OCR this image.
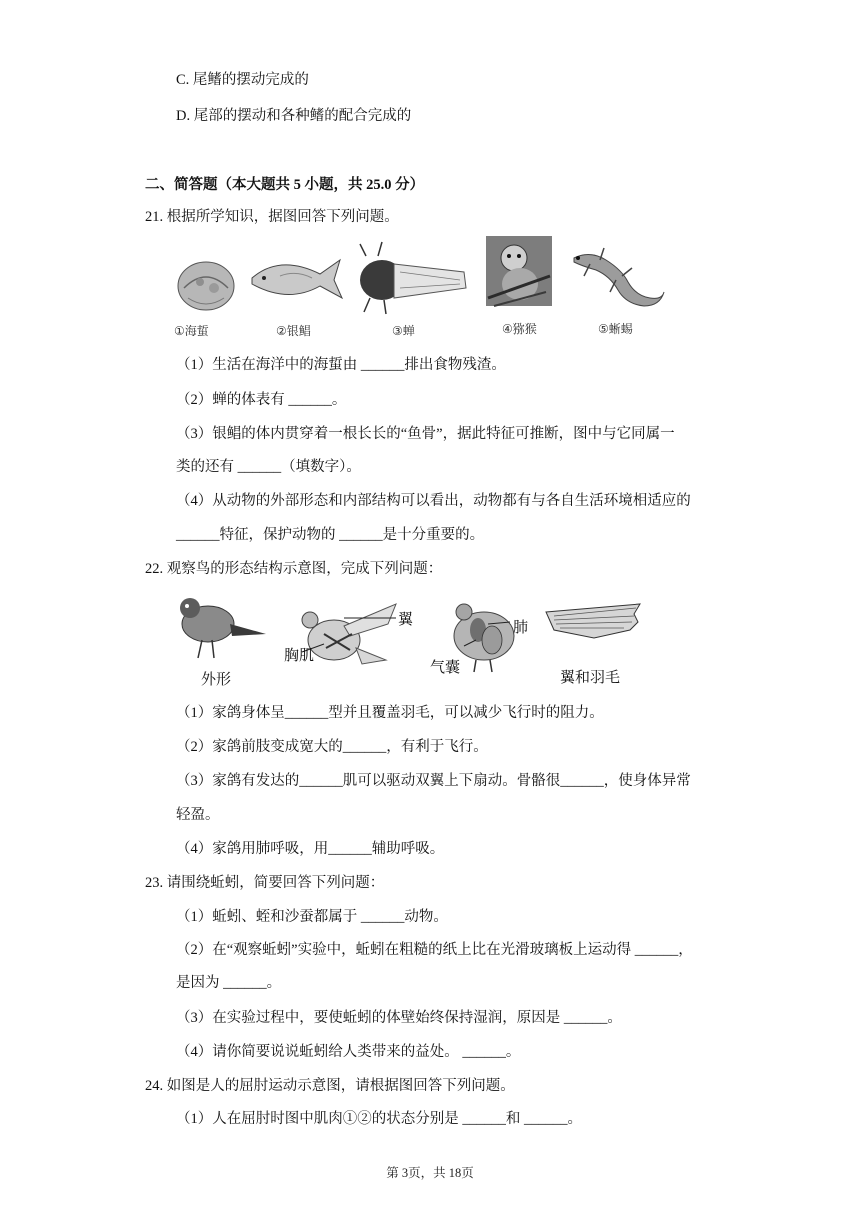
C. 尾鳍的摆动完成的
D. 尾部的摆动和各种鳍的配合完成的
二、简答题（本大题共 5 小题，共 25.0 分）
21. 根据所学知识，据图回答下列问题。
①海蜇	②银鲳	③蝉	④猕猴	⑤蜥蜴
（1）生活在海洋中的海蜇由 ______排出食物残渣。
（2）蝉的体表有 ______。
（3）银鲳的体内贯穿着一根长长的“鱼骨”，据此特征可推断，图中与它同属一
类的还有 ______（填数字）。
（4）从动物的外部形态和内部结构可以看出，动物都有与各自生活环境相适应的
______特征，保护动物的 ______是十分重要的。
22. 观察鸟的形态结构示意图，完成下列问题：
外形
胸肌
翼	肺
气囊
翼和羽毛
（1）家鸽身体呈______型并且覆盖羽毛，可以减少飞行时的阻力。
（2）家鸽前肢变成宽大的______，有利于飞行。
（3）家鸽有发达的______肌可以驱动双翼上下扇动。骨骼很______，使身体异常
轻盈。
（4）家鸽用肺呼吸，用______辅助呼吸。
23. 请围绕蚯蚓，简要回答下列问题：
（1）蚯蚓、蛭和沙蚕都属于 ______动物。
（2）在“观察蚯蚓”实验中，蚯蚓在粗糙的纸上比在光滑玻璃板上运动得 ______，
是因为 ______。
（3）在实验过程中，要使蚯蚓的体壁始终保持湿润，原因是 ______。
（4）请你简要说说蚯蚓给人类带来的益处。 ______。
24. 如图是人的屈肘运动示意图，请根据图回答下列问题。
（1）人在屈肘时图中肌肉①②的状态分别是 ______和 ______。
第 3页，共 18页
